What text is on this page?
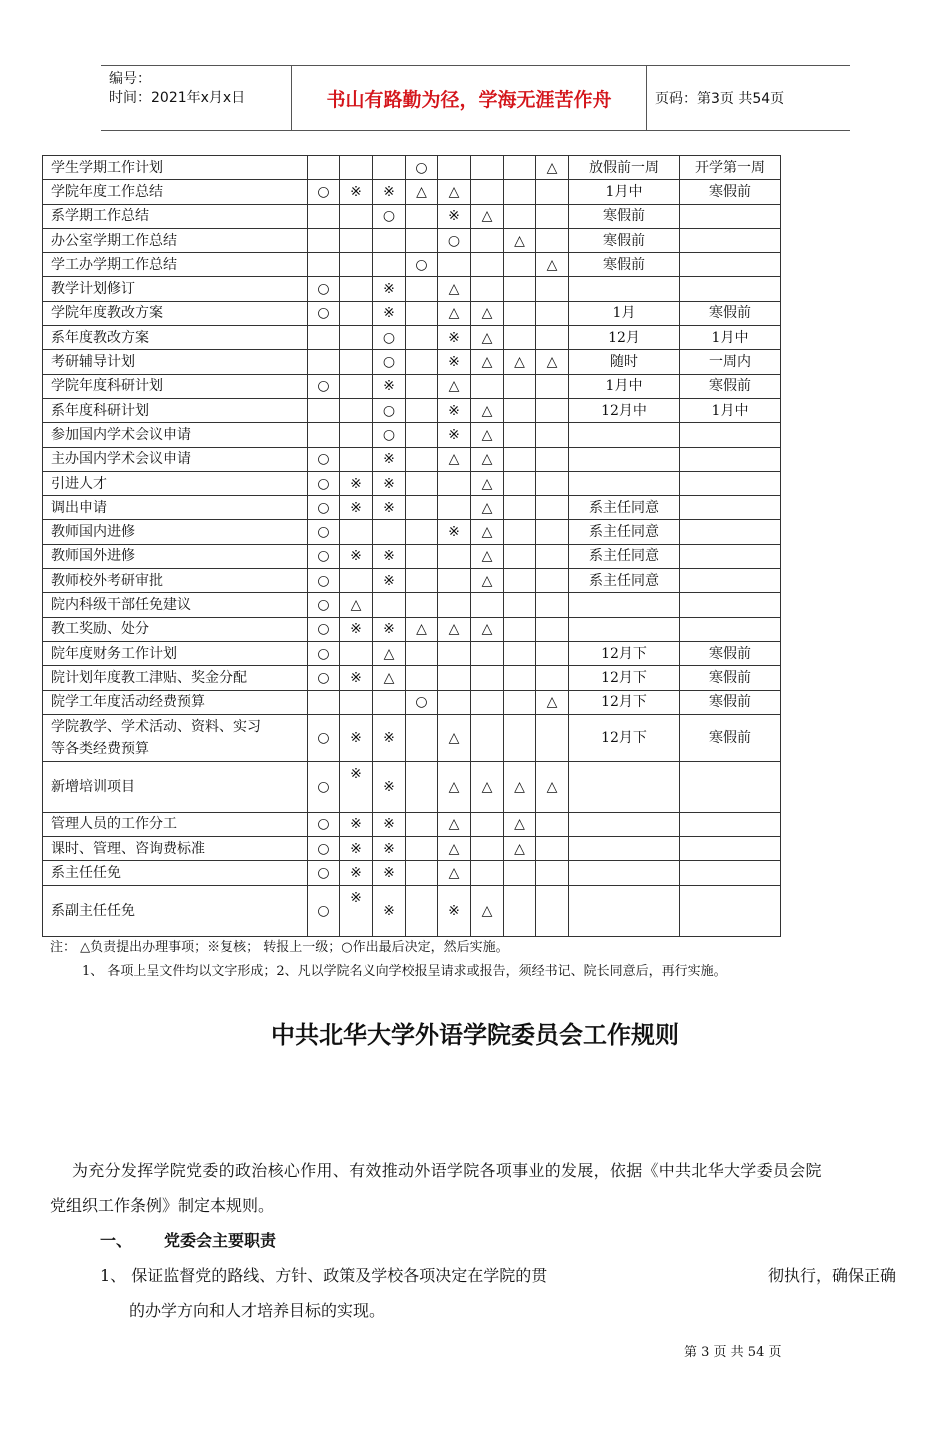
编号：
时间：2021年x月x日	书山有路勤为径，学海无涯苦作舟	页码：第3页 共54页
学生学期工作计划				○				△	放假前一周	开学第一周
学院年度工作总结	○	※	※	△	△				1月中	寒假前
系学期工作总结			○		※	△			寒假前	
办公室学期工作总结					○		△		寒假前	
学工办学期工作总结				○				△	寒假前	
教学计划修订	○		※		△					
学院年度教改方案	○		※		△	△			1月	寒假前
系年度教改方案			○		※	△			12月	1月中
考研辅导计划			○		※	△	△	△	随时	一周内
学院年度科研计划	○		※		△				1月中	寒假前
系年度科研计划			○		※	△			12月中	1月中
参加国内学术会议申请			○		※	△				
主办国内学术会议申请	○		※		△	△				
引进人才	○	※	※			△				
调出申请	○	※	※			△			系主任同意	
教师国内进修	○				※	△			系主任同意	
教师国外进修	○	※	※			△			系主任同意	
教师校外考研审批	○		※			△			系主任同意	
院内科级干部任免建议	○	△								
教工奖励、处分	○	※	※	△	△	△				
院年度财务工作计划	○		△						12月下	寒假前
院计划年度教工津贴、奖金分配	○	※	△						12月下	寒假前
院学工年度活动经费预算				○				△	12月下	寒假前

学院教学、学术活动、资料、实习
等各类经费预算	○	※	※		△				12月下	寒假前
新增培训项目	○	※	※		△	△	△	△		
管理人员的工作分工	○	※	※		△		△			
课时、管理、咨询费标准	○	※	※		△		△			
系主任任免	○	※	※		△					
系副主任任免	○	※	※		※	△				
注： △负责提出办理事项；※复核； 转报上一级；○作出最后决定，然后实施。
1、 各项上呈文件均以文字形成；2、凡以学院名义向学校报呈请求或报告，须经书记、院长同意后，再行实施。
中共北华大学外语学院委员会工作规则
为充分发挥学院党委的政治核心作用、有效推动外语学院各项事业的发展，依据《中共北华大学委员会院
党组织工作条例》制定本规则。
一、 党委会主要职责
1、 保证监督党的路线、方针、政策及学校各项决定在学院的贯	彻执行，确保正确
的办学方向和人才培养目标的实现。
第 3 页 共 54 页
